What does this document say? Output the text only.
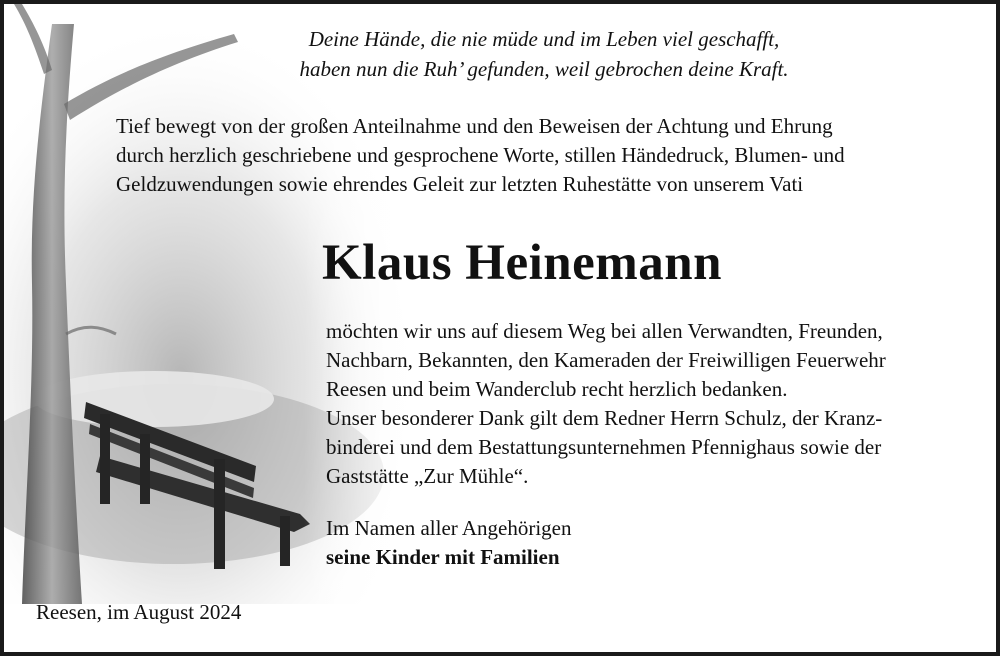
Deine Hände, die nie müde und im Leben viel geschafft,
haben nun die Ruh’ gefunden, weil gebrochen deine Kraft.
Tief bewegt von der großen Anteilnahme und den Beweisen der Achtung und Ehrung
durch herzlich geschriebene und gesprochene Worte, stillen Händedruck, Blumen- und
Geldzuwendungen sowie ehrendes Geleit zur letzten Ruhestätte von unserem Vati
Klaus Heinemann
möchten wir uns auf diesem Weg bei allen Verwandten, Freunden,
Nachbarn, Bekannten, den Kameraden der Freiwilligen Feuerwehr
Reesen und beim Wanderclub recht herzlich bedanken.
Unser besonderer Dank gilt dem Redner Herrn Schulz, der Kranz-
binderei und dem Bestattungsunternehmen Pfennighaus sowie der
Gaststätte „Zur Mühle“.
Im Namen aller Angehörigen
seine Kinder mit Familien
Reesen, im August 2024
